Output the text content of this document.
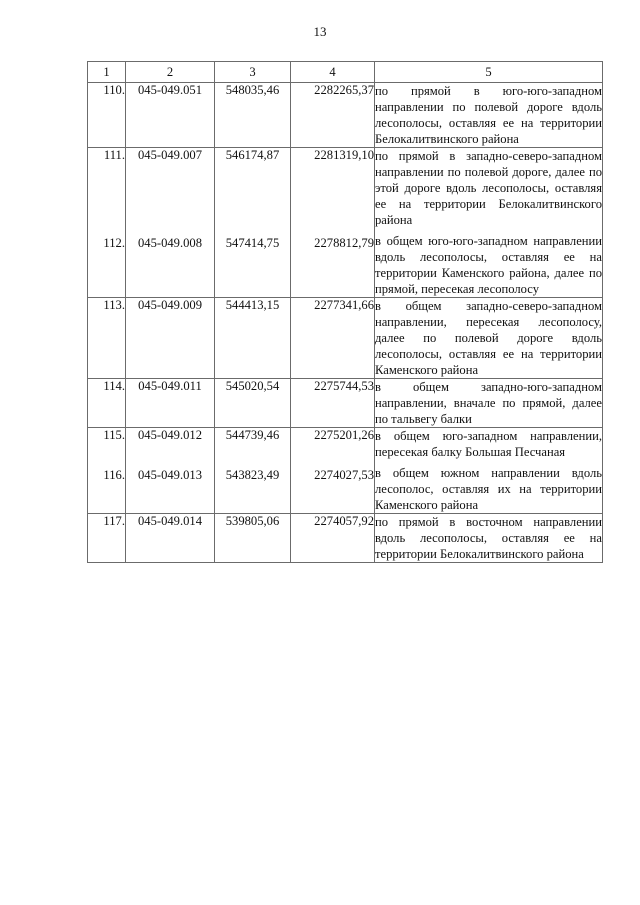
13
1	2	3	4	5
110.	045-049.051	548035,46	2282265,37	по прямой в юго-юго-западном направлении по полевой дороге вдоль лесополосы, оставляя ее на территории Белокалитвинского района
111.	045-049.007	546174,87	2281319,10	по прямой в западно-северо-западном направлении по полевой дороге, далее по этой дороге вдоль лесополосы, оставляя ее на территории Белокалитвинского района
112.	045-049.008	547414,75	2278812,79	в общем юго-юго-западном направлении вдоль лесополосы, оставляя ее на территории Каменского района, далее по прямой, пересекая лесополосу
113.	045-049.009	544413,15	2277341,66	в общем западно-северо-западном направлении, пересекая лесополосу, далее по полевой дороге вдоль лесополосы, оставляя ее на территории Каменского района
114.	045-049.011	545020,54	2275744,53	в общем западно-юго-западном направлении, вначале по прямой, далее по тальвегу балки
115.	045-049.012	544739,46	2275201,26	в общем юго-западном направлении, пересекая балку Большая Песчаная
116.	045-049.013	543823,49	2274027,53	в общем южном направлении вдоль лесополос, оставляя их на территории Каменского района
117.	045-049.014	539805,06	2274057,92	по прямой в восточном направлении вдоль лесополосы, оставляя ее на территории Белокалитвинского района
